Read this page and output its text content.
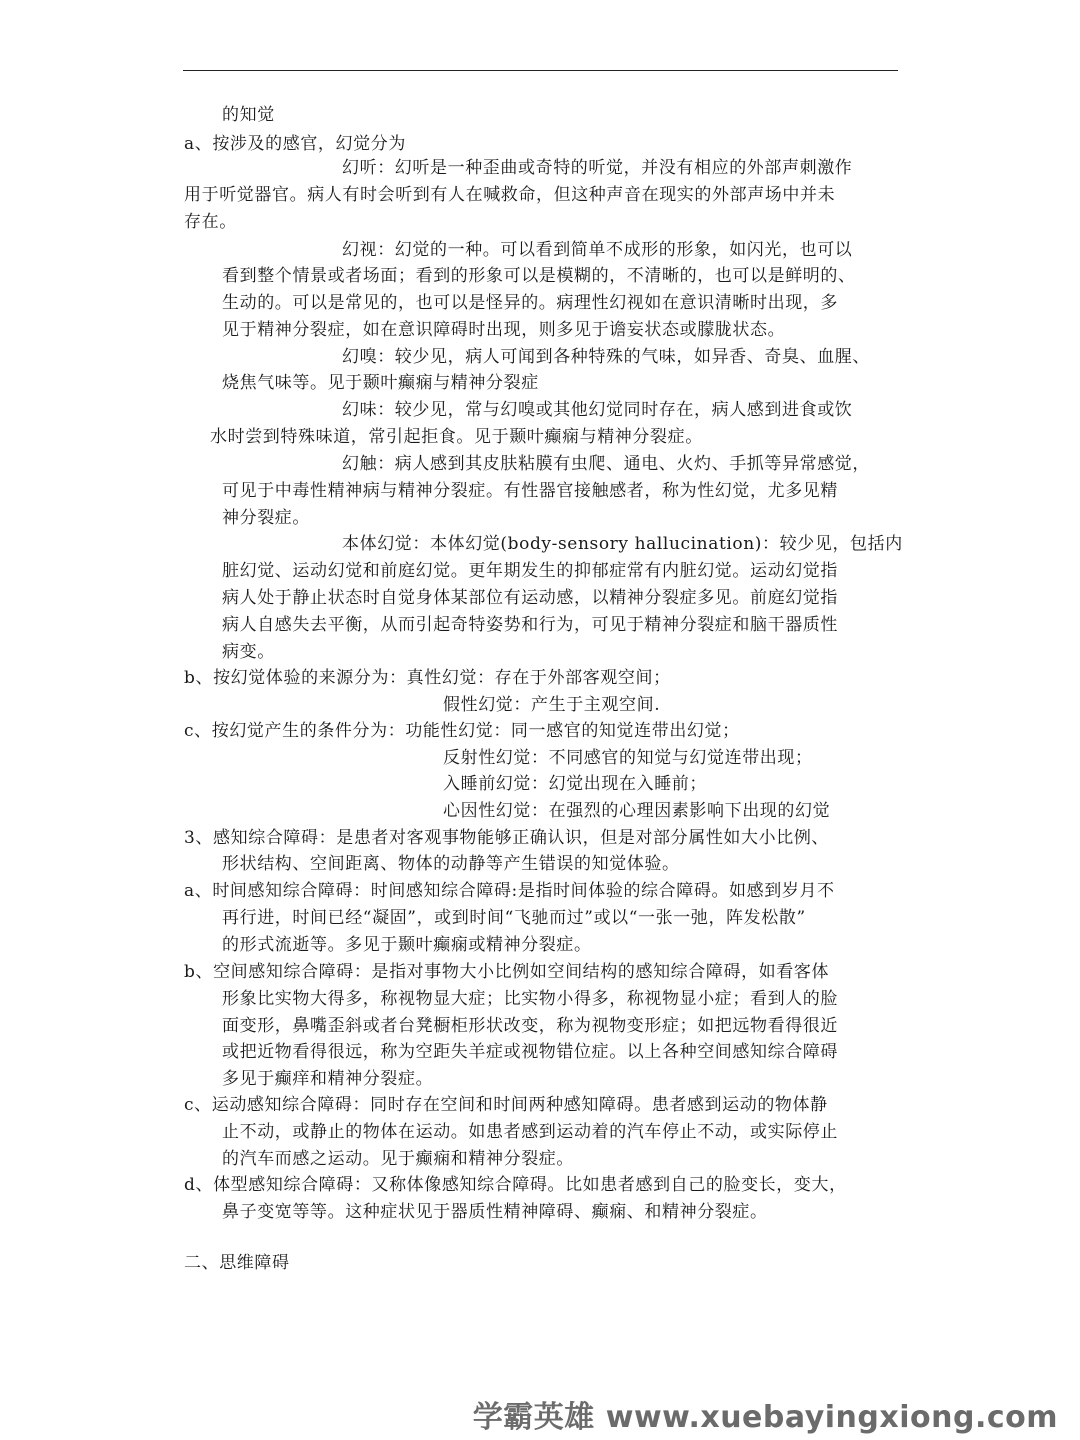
的知觉
a、按涉及的感官，幻觉分为
幻听：幻听是一种歪曲或奇特的听觉，并没有相应的外部声刺激作
用于听觉器官。病人有时会听到有人在喊救命，但这种声音在现实的外部声场中并未
存在。
幻视：幻觉的一种。可以看到简单不成形的形象，如闪光，也可以
看到整个情景或者场面；看到的形象可以是模糊的，不清晰的，也可以是鲜明的、
生动的。可以是常见的，也可以是怪异的。病理性幻视如在意识清晰时出现，多
见于精神分裂症，如在意识障碍时出现，则多见于谵妄状态或朦胧状态。
幻嗅：较少见，病人可闻到各种特殊的气味，如异香、奇臭、血腥、
烧焦气味等。见于颞叶癫痫与精神分裂症
幻味：较少见，常与幻嗅或其他幻觉同时存在，病人感到进食或饮
水时尝到特殊味道，常引起拒食。见于颞叶癫痫与精神分裂症。
幻触：病人感到其皮肤粘膜有虫爬、通电、火灼、手抓等异常感觉，
可见于中毒性精神病与精神分裂症。有性器官接触感者，称为性幻觉，尤多见精
神分裂症。
本体幻觉：本体幻觉(body-sensory hallucination)：较少见，包括内
脏幻觉、运动幻觉和前庭幻觉。更年期发生的抑郁症常有内脏幻觉。运动幻觉指
病人处于静止状态时自觉身体某部位有运动感，以精神分裂症多见。前庭幻觉指
病人自感失去平衡，从而引起奇特姿势和行为，可见于精神分裂症和脑干器质性
病变。
b、按幻觉体验的来源分为：真性幻觉：存在于外部客观空间；
假性幻觉：产生于主观空间.
c、按幻觉产生的条件分为：功能性幻觉：同一感官的知觉连带出幻觉；
反射性幻觉：不同感官的知觉与幻觉连带出现；
入睡前幻觉：幻觉出现在入睡前；
心因性幻觉：在强烈的心理因素影响下出现的幻觉
3、感知综合障碍：是患者对客观事物能够正确认识，但是对部分属性如大小比例、
形状结构、空间距离、物体的动静等产生错误的知觉体验。
a、时间感知综合障碍：时间感知综合障碍:是指时间体验的综合障碍。如感到岁月不
再行进，时间已经“凝固”，或到时间“飞驰而过”或以“一张一弛，阵发松散”
的形式流逝等。多见于颞叶癫痫或精神分裂症。
b、空间感知综合障碍：是指对事物大小比例如空间结构的感知综合障碍，如看客体
形象比实物大得多，称视物显大症；比实物小得多，称视物显小症；看到人的脸
面变形，鼻嘴歪斜或者台凳橱柜形状改变，称为视物变形症；如把远物看得很近
或把近物看得很远，称为空距失羊症或视物错位症。以上各种空间感知综合障碍
多见于癫痒和精神分裂症。
c、运动感知综合障碍：同时存在空间和时间两种感知障碍。患者感到运动的物体静
止不动，或静止的物体在运动。如患者感到运动着的汽车停止不动，或实际停止
的汽车而感之运动。见于癫痫和精神分裂症。
d、体型感知综合障碍：又称体像感知综合障碍。比如患者感到自己的脸变长，变大，
鼻子变宽等等。这种症状见于器质性精神障碍、癫痫、和精神分裂症。
二、思维障碍
学霸英雄 www.xuebayingxiong.com
